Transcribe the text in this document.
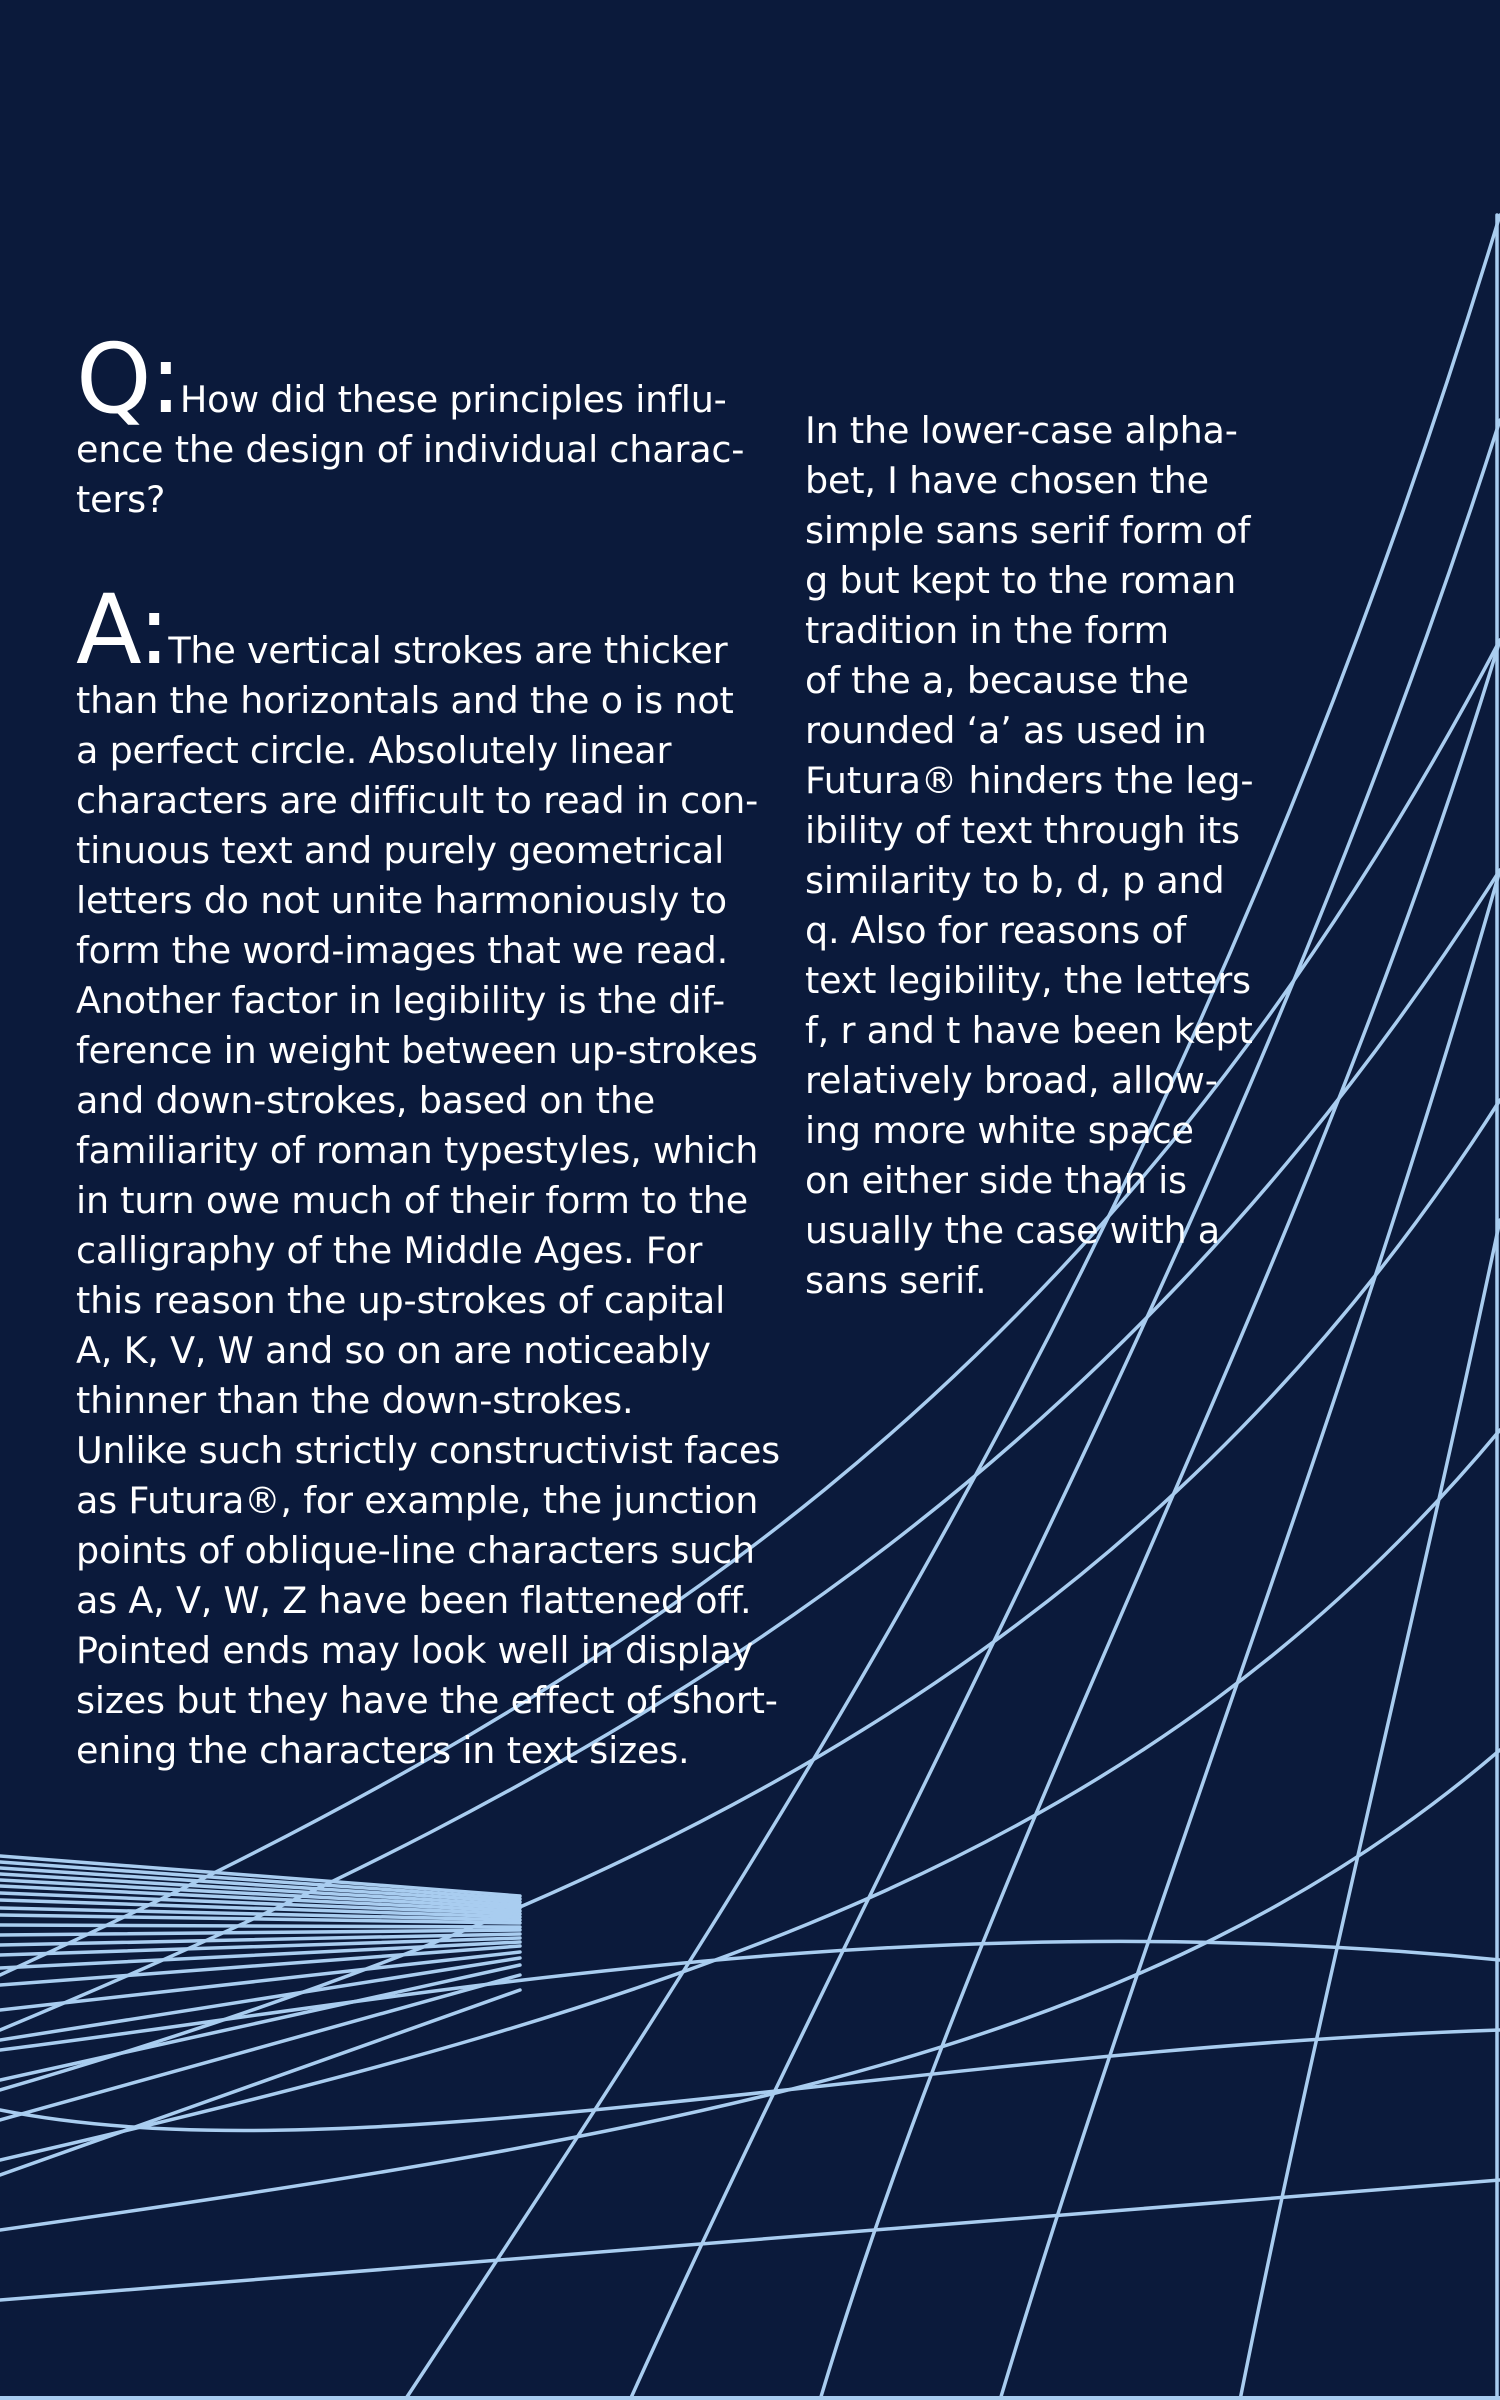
Q:How did these principles influ-
ence the design of individual charac-
ters?

A:The vertical strokes are thicker
than the horizontals and the o is not
a perfect circle. Absolutely linear
characters are difficult to read in con-
tinuous text and purely geometrical
letters do not unite harmoniously to
form the word-images that we read.
Another factor in legibility is the dif-
ference in weight between up-strokes
and down-strokes, based on the
familiarity of roman typestyles, which
in turn owe much of their form to the
calligraphy of the Middle Ages. For
this reason the up-strokes of capital
A, K, V, W and so on are noticeably
thinner than the down-strokes.
Unlike such strictly constructivist faces
as Futura®, for example, the junction
points of oblique-line characters such
as A, V, W, Z have been flattened off.
Pointed ends may look well in display
sizes but they have the effect of short-
ening the characters in text sizes.

In the lower-case alpha-
bet, I have chosen the
simple sans serif form of
g but kept to the roman
tradition in the form
of the a, because the
rounded ‘a’ as used in
Futura® hinders the leg-
ibility of text through its
similarity to b, d, p and
q. Also for reasons of
text legibility, the letters
f, r and t have been kept
relatively broad, allow-
ing more white space
on either side than is
usually the case with a
sans serif.
